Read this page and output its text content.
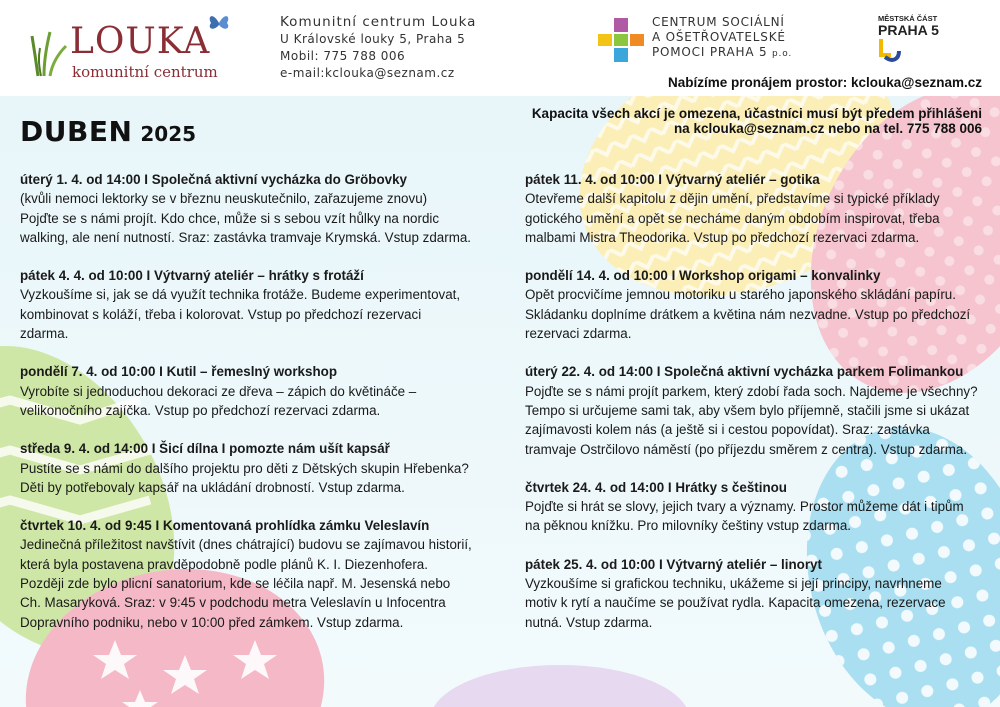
LOUKA
komunitní centrum
Komunitní centrum Louka
U Královské louky 5, Praha 5
Mobil: 775 788 006
e-mail:kclouka@seznam.cz
CENTRUM SOCIÁLNÍ
A OŠETŘOVATELSKÉ
POMOCI PRAHA 5 p.o.
MĚSTSKÁ ČÁST
PRAHA 5
Nabízíme pronájem prostor: kclouka@seznam.cz
Kapacita všech akcí je omezena, účastníci musí být předem přihlášeni
na kclouka@seznam.cz nebo na tel. 775 788 006
DUBEN 2025
úterý 1. 4. od 14:00 I Společná aktivní vycházka do Gröbovky
(kvůli nemoci lektorky se v březnu neuskutečnilo, zařazujeme znovu)
Pojďte se s námi projít. Kdo chce, může si s sebou vzít hůlky na nordic
walking, ale není nutností. Sraz: zastávka tramvaje Krymská. Vstup zdarma.
pátek 4. 4. od 10:00 I Výtvarný ateliér – hrátky s frotáží
Vyzkoušíme si, jak se dá využít technika frotáže. Budeme experimentovat,
kombinovat s koláží, třeba i kolorovat. Vstup po předchozí rezervaci
zdarma.
pondělí 7. 4. od 10:00 I Kutil – řemeslný workshop
Vyrobíte si jednoduchou dekoraci ze dřeva – zápich do květináče –
velikonočního zajíčka. Vstup po předchozí rezervaci zdarma.
středa 9. 4. od 14:00 I Šicí dílna I pomozte nám ušít kapsář
Pustíte se s námi do dalšího projektu pro děti z Dětských skupin Hřebenka?
Děti by potřebovaly kapsář na ukládání drobností. Vstup zdarma.
čtvrtek 10. 4. od 9:45 I Komentovaná prohlídka zámku Veleslavín
Jedinečná příležitost navštívit (dnes chátrající) budovu se zajímavou historií,
která byla postavena pravděpodobně podle plánů K. I. Diezenhofera.
Později zde bylo plicní sanatorium, kde se léčila např. M. Jesenská nebo
Ch. Masaryková. Sraz: v 9:45 v podchodu metra Veleslavín u Infocentra
Dopravního podniku, nebo v 10:00 před zámkem. Vstup zdarma.
pátek 11. 4. od 10:00 I Výtvarný ateliér – gotika
Otevřeme další kapitolu z dějin umění, představíme si typické příklady
gotického umění a opět se necháme daným obdobím inspirovat, třeba
malbami Mistra Theodorika. Vstup po předchozí rezervaci zdarma.
pondělí 14. 4. od 10:00 I Workshop origami – konvalinky
Opět procvičíme jemnou motoriku u starého japonského skládání papíru.
Skládanku doplníme drátkem a květina nám nezvadne. Vstup po předchozí
rezervaci zdarma.
úterý 22. 4. od 14:00 I Společná aktivní vycházka parkem Folimankou
Pojďte se s námi projít parkem, který zdobí řada soch. Najdeme je všechny?
Tempo si určujeme sami tak, aby všem bylo příjemně, stačili jsme si ukázat
zajímavosti kolem nás (a ještě si i cestou popovídat). Sraz: zastávka
tramvaje Ostrčilovo náměstí (po příjezdu směrem z centra). Vstup zdarma.
čtvrtek 24. 4. od 14:00 I Hrátky s češtinou
Pojďte si hrát se slovy, jejich tvary a významy. Prostor můžeme dát i tipům
na pěknou knížku. Pro milovníky češtiny vstup zdarma.
pátek 25. 4. od 10:00 I Výtvarný ateliér – linoryt
Vyzkoušíme si grafickou techniku, ukážeme si její principy, navrhneme
motiv k rytí a naučíme se používat rydla. Kapacita omezena, rezervace
nutná. Vstup zdarma.
